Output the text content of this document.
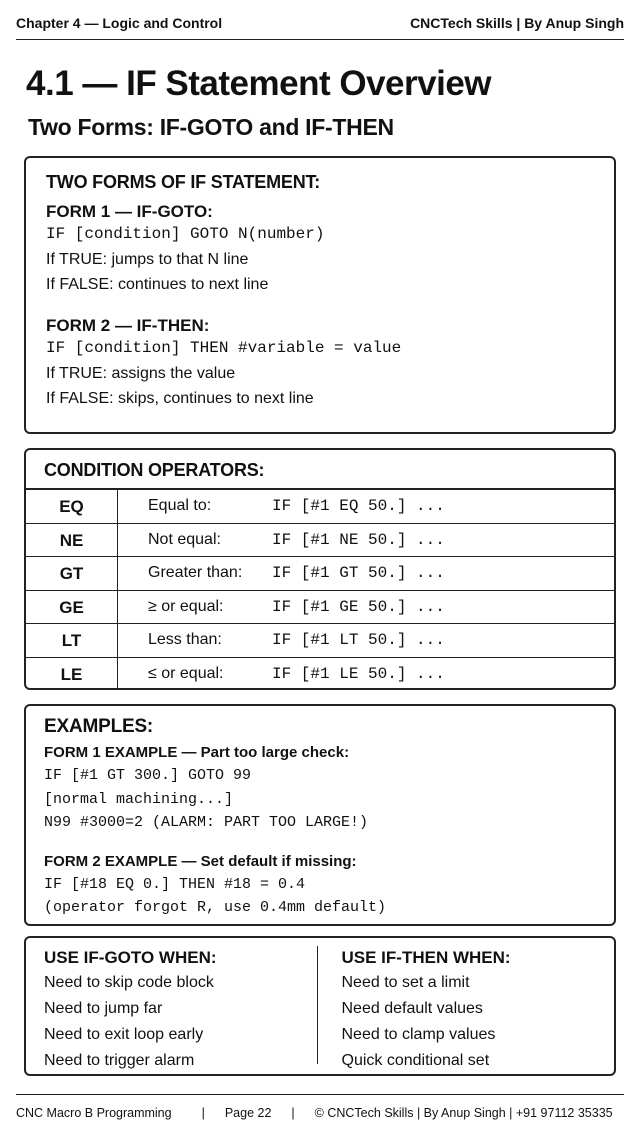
Chapter 4 — Logic and Control	CNCTech Skills | By Anup Singh
4.1 — IF Statement Overview
Two Forms: IF-GOTO and IF-THEN
TWO FORMS OF IF STATEMENT:
FORM 1 — IF-GOTO:
IF [condition] GOTO N(number)
If TRUE: jumps to that N line
If FALSE: continues to next line
FORM 2 — IF-THEN:
IF [condition] THEN #variable = value
If TRUE: assigns the value
If FALSE: skips, continues to next line
CONDITION OPERATORS:
EQ	Equal to:	IF [#1 EQ 50.] ...
NE	Not equal:	IF [#1 NE 50.] ...
GT	Greater than:	IF [#1 GT 50.] ...
GE	≥ or equal:	IF [#1 GE 50.] ...
LT	Less than:	IF [#1 LT 50.] ...
LE	≤ or equal:	IF [#1 LE 50.] ...
EXAMPLES:
FORM 1 EXAMPLE — Part too large check:
IF [#1 GT 300.] GOTO 99
[normal machining...]
N99 #3000=2 (ALARM: PART TOO LARGE!)
FORM 2 EXAMPLE — Set default if missing:
IF [#18 EQ 0.] THEN #18 = 0.4
(operator forgot R, use 0.4mm default)
USE IF-GOTO WHEN:
Need to skip code block
Need to jump far
Need to exit loop early
Need to trigger alarm
USE IF-THEN WHEN:
Need to set a limit
Need default values
Need to clamp values
Quick conditional set
CNC Macro B Programming | Page 22 | © CNCTech Skills | By Anup Singh | +91 97112 35335
